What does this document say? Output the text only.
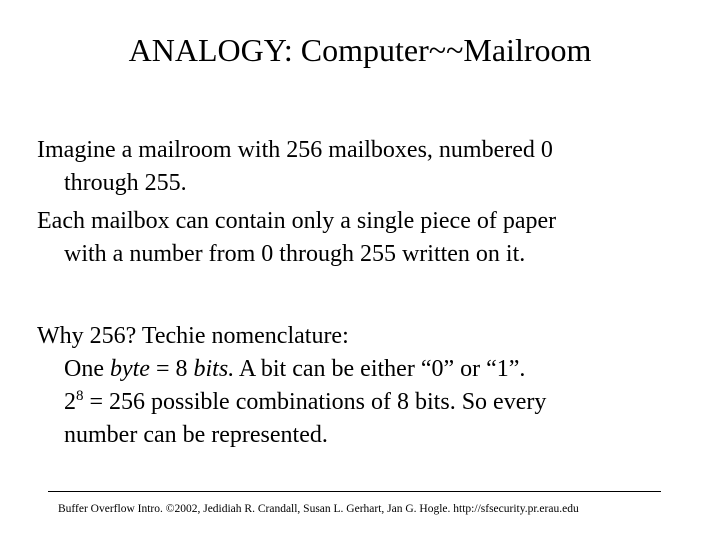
ANALOGY: Computer~~Mailroom
Imagine a mailroom with 256 mailboxes, numbered 0
through 255.
Each mailbox can contain only a single piece of paper
with a number from 0 through 255 written on it.
Why 256? Techie nomenclature:
One byte = 8 bits. A bit can be either “0” or “1”.
$2^8 = 256$ possible combinations of 8 bits. So every
number can be represented.
Buffer Overflow Intro. ©2002, Jedidiah R. Crandall, Susan L. Gerhart, Jan G. Hogle. http://sfsecurity.pr.erau.edu
